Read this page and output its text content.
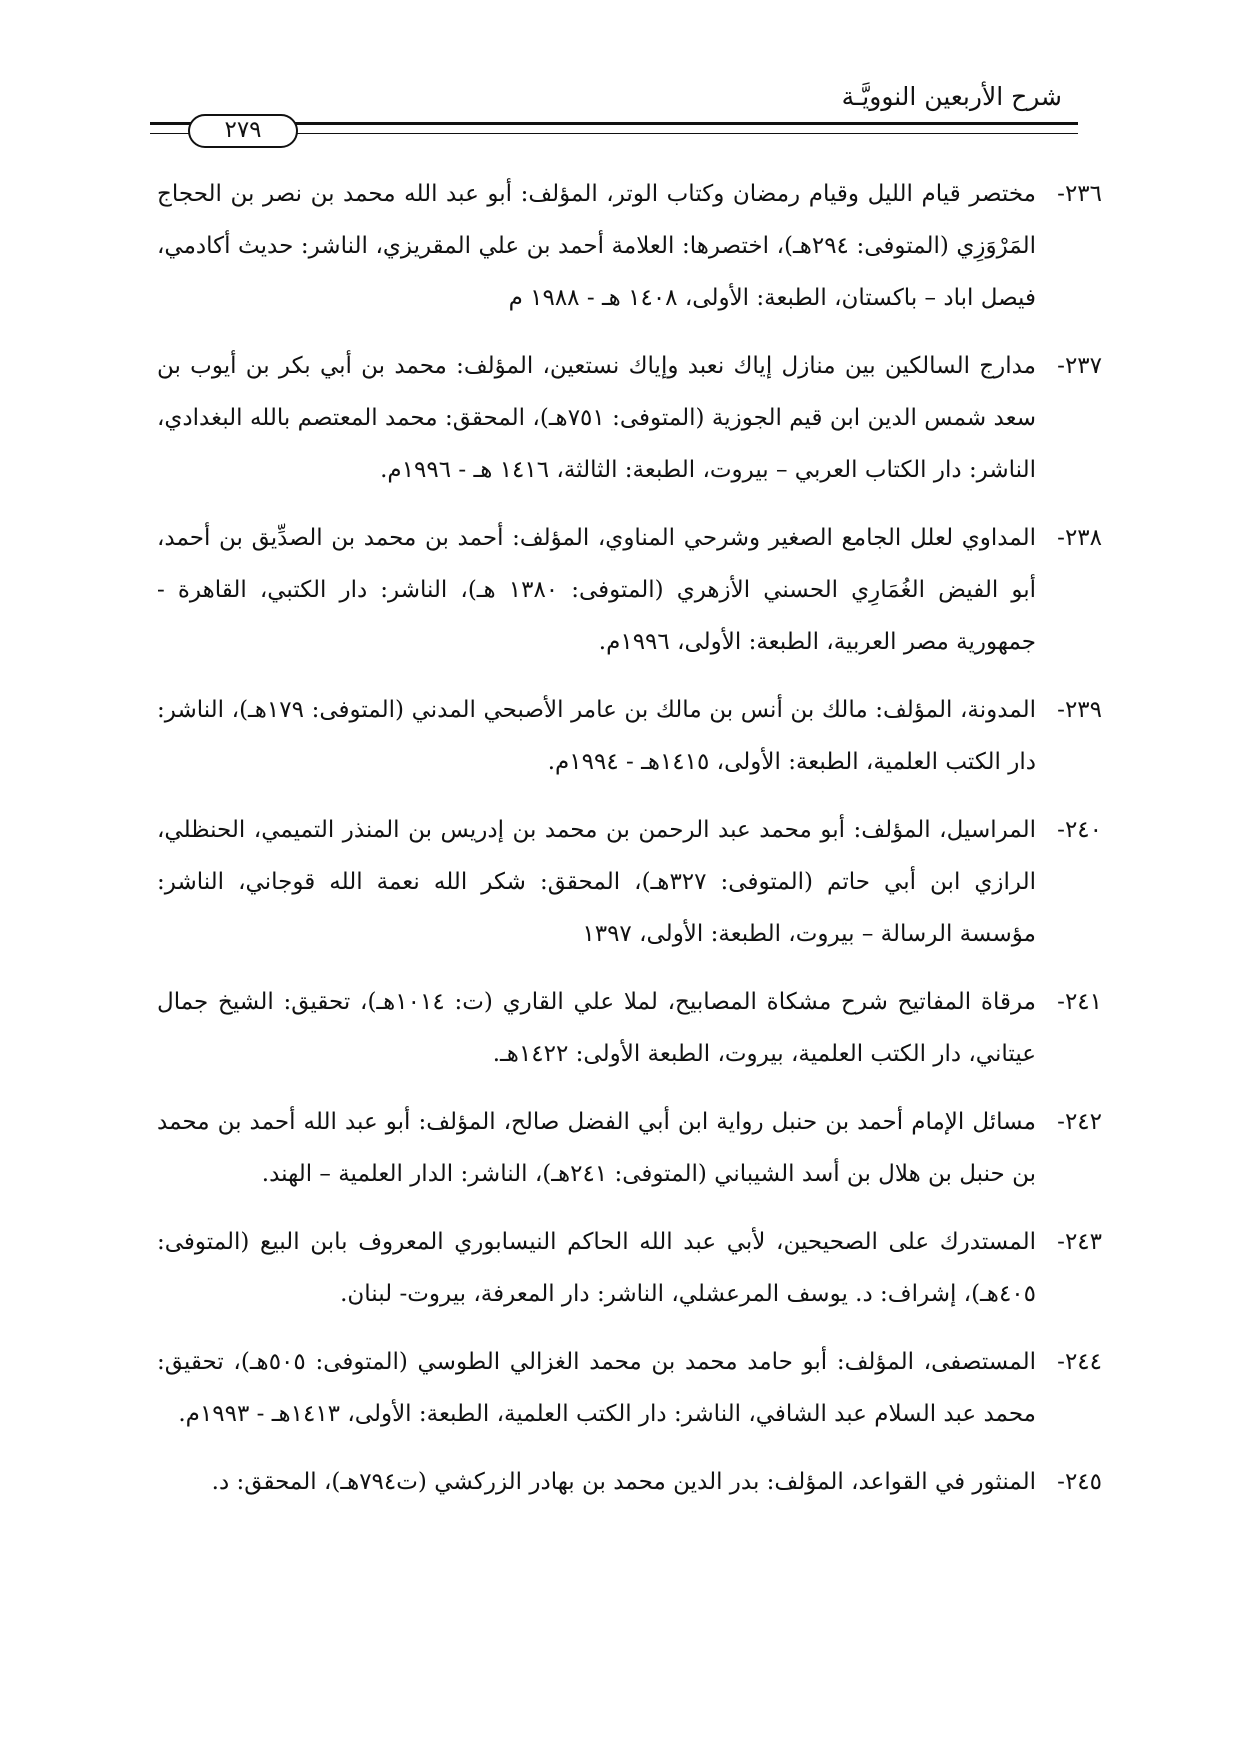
شرح الأربعين النوويَّـة
٢٧٩
٢٣٦-
مختصر قيام الليل وقيام رمضان وكتاب الوتر، المؤلف: أبو عبد الله محمد بن نصر بن الحجاج المَرْوَزِي (المتوفى: ٢٩٤هـ)، اختصرها: العلامة أحمد بن علي المقريزي، الناشر: حديث أكادمي، فيصل اباد – باكستان، الطبعة: الأولى، ١٤٠٨ هـ - ١٩٨٨ م
٢٣٧-
مدارج السالكين بين منازل إياك نعبد وإياك نستعين، المؤلف: محمد بن أبي بكر بن أيوب بن سعد شمس الدين ابن قيم الجوزية (المتوفى: ٧٥١هـ)، المحقق: محمد المعتصم بالله البغدادي، الناشر: دار الكتاب العربي – بيروت، الطبعة: الثالثة، ١٤١٦ هـ - ١٩٩٦م.
٢٣٨-
المداوي لعلل الجامع الصغير وشرحي المناوي، المؤلف: أحمد بن محمد بن الصدِّيق بن أحمد، أبو الفيض الغُمَارِي الحسني الأزهري (المتوفى: ١٣٨٠ هـ)، الناشر: دار الكتبي، القاهرة - جمهورية مصر العربية، الطبعة: الأولى، ١٩٩٦م.
٢٣٩-
المدونة، المؤلف: مالك بن أنس بن مالك بن عامر الأصبحي المدني (المتوفى: ١٧٩هـ)، الناشر: دار الكتب العلمية، الطبعة: الأولى، ١٤١٥هـ - ١٩٩٤م.
٢٤٠-
المراسيل، المؤلف: أبو محمد عبد الرحمن بن محمد بن إدريس بن المنذر التميمي، الحنظلي، الرازي ابن أبي حاتم (المتوفى: ٣٢٧هـ)، المحقق: شكر الله نعمة الله قوجاني، الناشر: مؤسسة الرسالة – بيروت، الطبعة: الأولى، ١٣٩٧
٢٤١-
مرقاة المفاتيح شرح مشكاة المصابيح، لملا علي القاري (ت: ١٠١٤هـ)، تحقيق: الشيخ جمال عيتاني، دار الكتب العلمية، بيروت، الطبعة الأولى: ١٤٢٢هـ.
٢٤٢-
مسائل الإمام أحمد بن حنبل رواية ابن أبي الفضل صالح، المؤلف: أبو عبد الله أحمد بن محمد بن حنبل بن هلال بن أسد الشيباني (المتوفى: ٢٤١هـ)، الناشر: الدار العلمية – الهند.
٢٤٣-
المستدرك على الصحيحين، لأبي عبد الله الحاكم النيسابوري المعروف بابن البيع (المتوفى: ٤٠٥هـ)، إشراف: د. يوسف المرعشلي، الناشر: دار المعرفة، بيروت- لبنان.
٢٤٤-
المستصفى، المؤلف: أبو حامد محمد بن محمد الغزالي الطوسي (المتوفى: ٥٠٥هـ)، تحقيق: محمد عبد السلام عبد الشافي، الناشر: دار الكتب العلمية، الطبعة: الأولى، ١٤١٣هـ - ١٩٩٣م.
٢٤٥-
المنثور في القواعد، المؤلف: بدر الدين محمد بن بهادر الزركشي (ت٧٩٤هـ)، المحقق: د.
